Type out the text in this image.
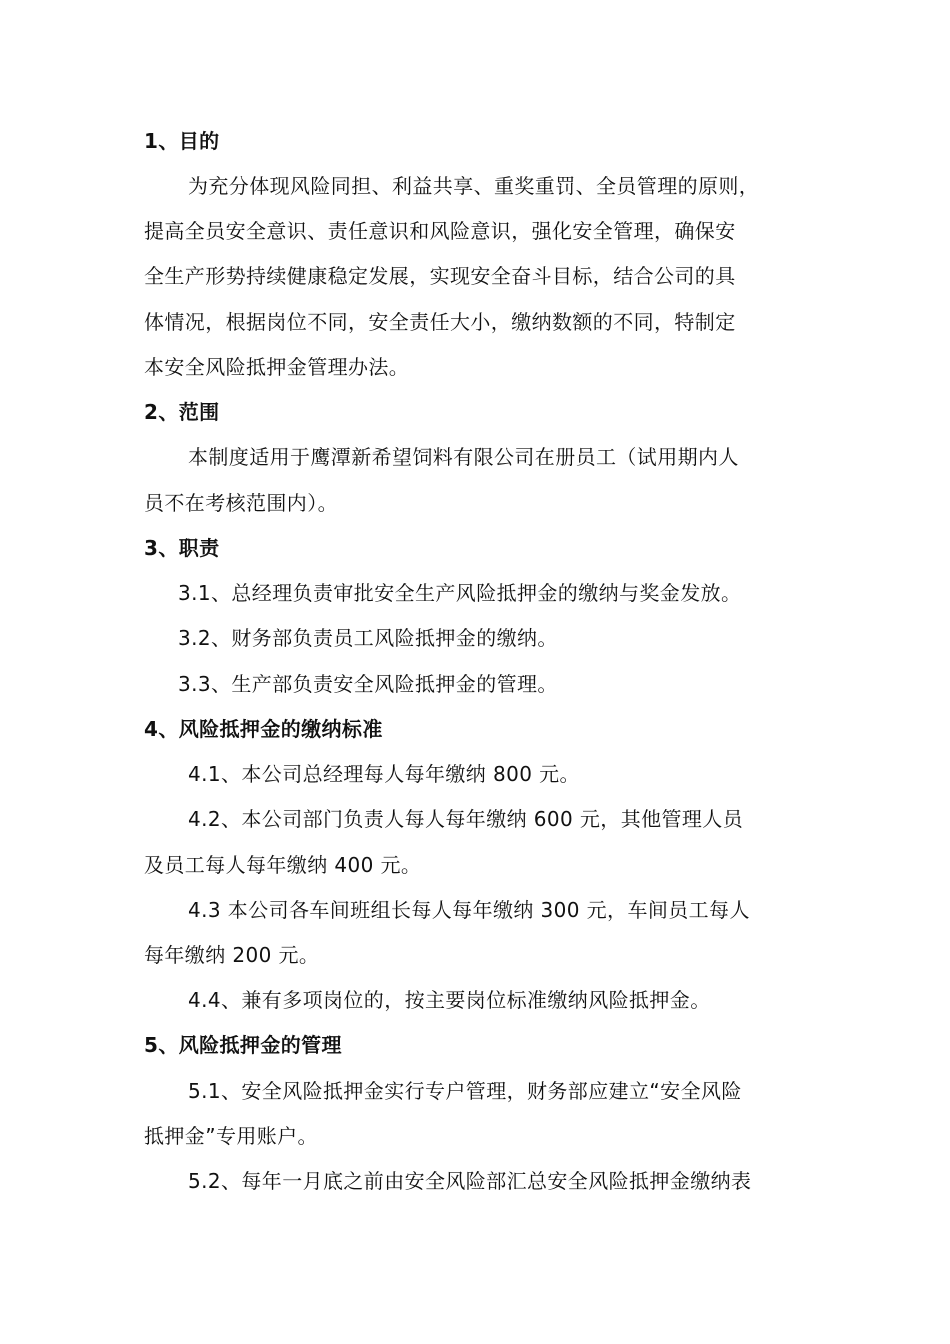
1、目的
为充分体现风险同担、利益共享、重奖重罚、全员管理的原则，
提高全员安全意识、责任意识和风险意识，强化安全管理，确保安
全生产形势持续健康稳定发展，实现安全奋斗目标，结合公司的具
体情况，根据岗位不同，安全责任大小，缴纳数额的不同，特制定
本安全风险抵押金管理办法。
2、范围
本制度适用于鹰潭新希望饲料有限公司在册员工（试用期内人
员不在考核范围内）。
3、职责
3.1、总经理负责审批安全生产风险抵押金的缴纳与奖金发放。
3.2、财务部负责员工风险抵押金的缴纳。
3.3、生产部负责安全风险抵押金的管理。
4、风险抵押金的缴纳标准
4.1、本公司总经理每人每年缴纳 800 元。
4.2、本公司部门负责人每人每年缴纳 600 元，其他管理人员
及员工每人每年缴纳 400 元。
4.3 本公司各车间班组长每人每年缴纳 300 元，车间员工每人
每年缴纳 200 元。
4.4、兼有多项岗位的，按主要岗位标准缴纳风险抵押金。
5、风险抵押金的管理
5.1、安全风险抵押金实行专户管理，财务部应建立“安全风险
抵押金”专用账户。
5.2、每年一月底之前由安全风险部汇总安全风险抵押金缴纳表
